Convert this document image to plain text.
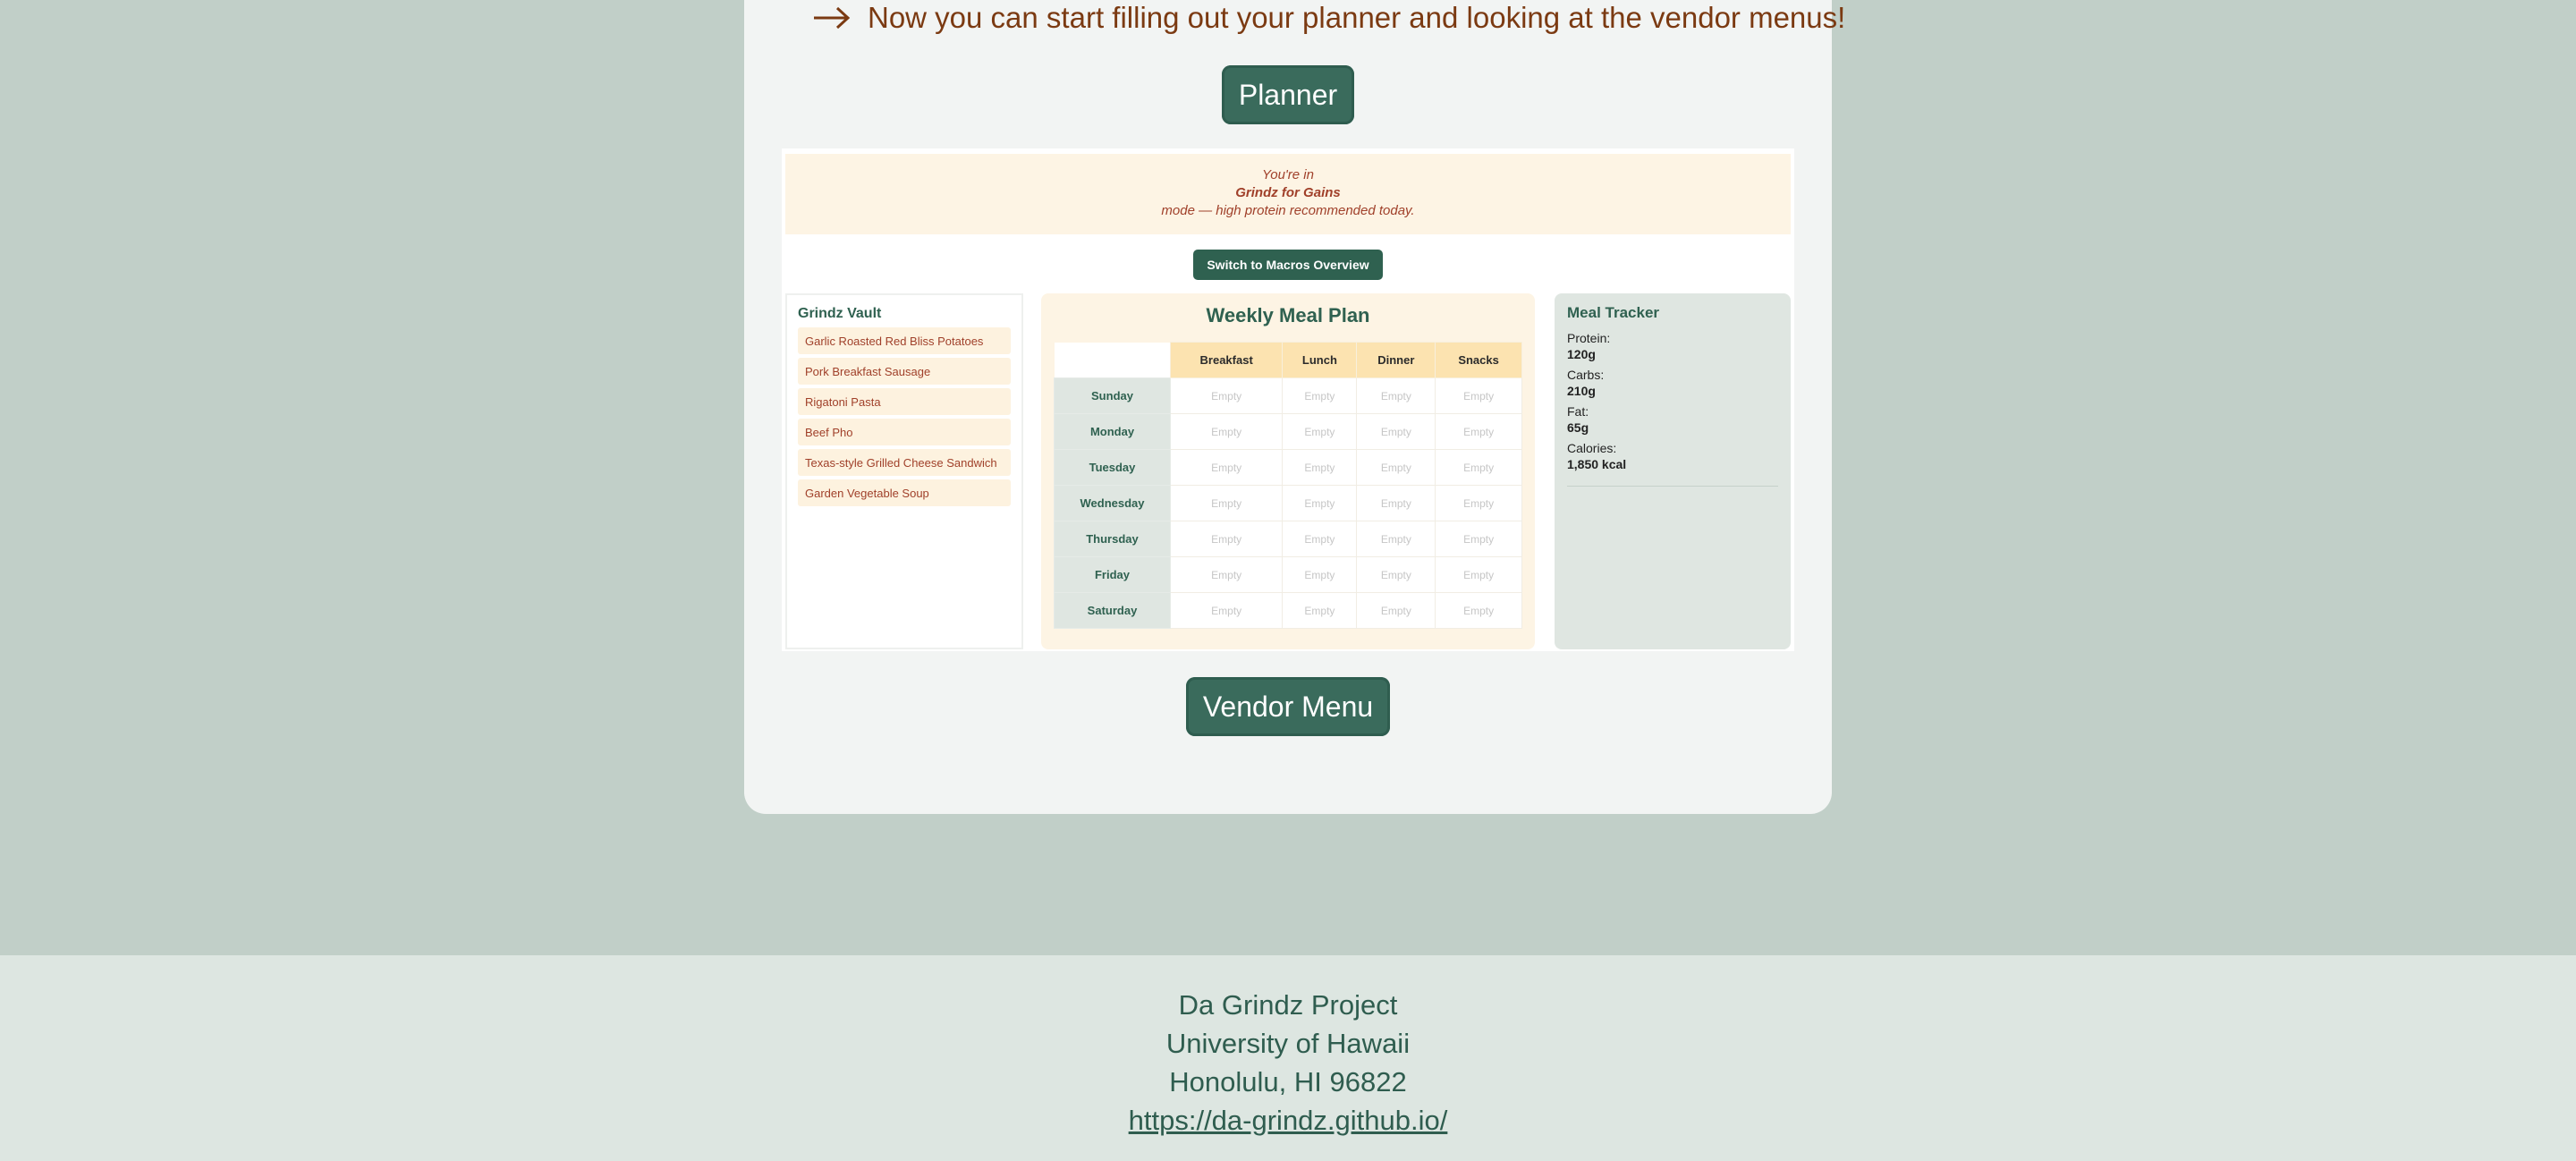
Now you can start filling out your planner and looking at the vendor menus!
Planner
You're in
Grindz for Gains
mode — high protein recommended today.
Switch to Macros Overview
Grindz Vault
Garlic Roasted Red Bliss Potatoes
Pork Breakfast Sausage
Rigatoni Pasta
Beef Pho
Texas-style Grilled Cheese Sandwich
Garden Vegetable Soup
Weekly Meal Plan
	Breakfast	Lunch	Dinner	Snacks
Sunday	Empty	Empty	Empty	Empty
Monday	Empty	Empty	Empty	Empty
Tuesday	Empty	Empty	Empty	Empty
Wednesday	Empty	Empty	Empty	Empty
Thursday	Empty	Empty	Empty	Empty
Friday	Empty	Empty	Empty	Empty
Saturday	Empty	Empty	Empty	Empty
Meal Tracker
Protein:
120g
Carbs:
210g
Fat:
65g
Calories:
1,850 kcal
Vendor Menu
Da Grindz Project
University of Hawaii
Honolulu, HI 96822
https://da-grindz.github.io/
